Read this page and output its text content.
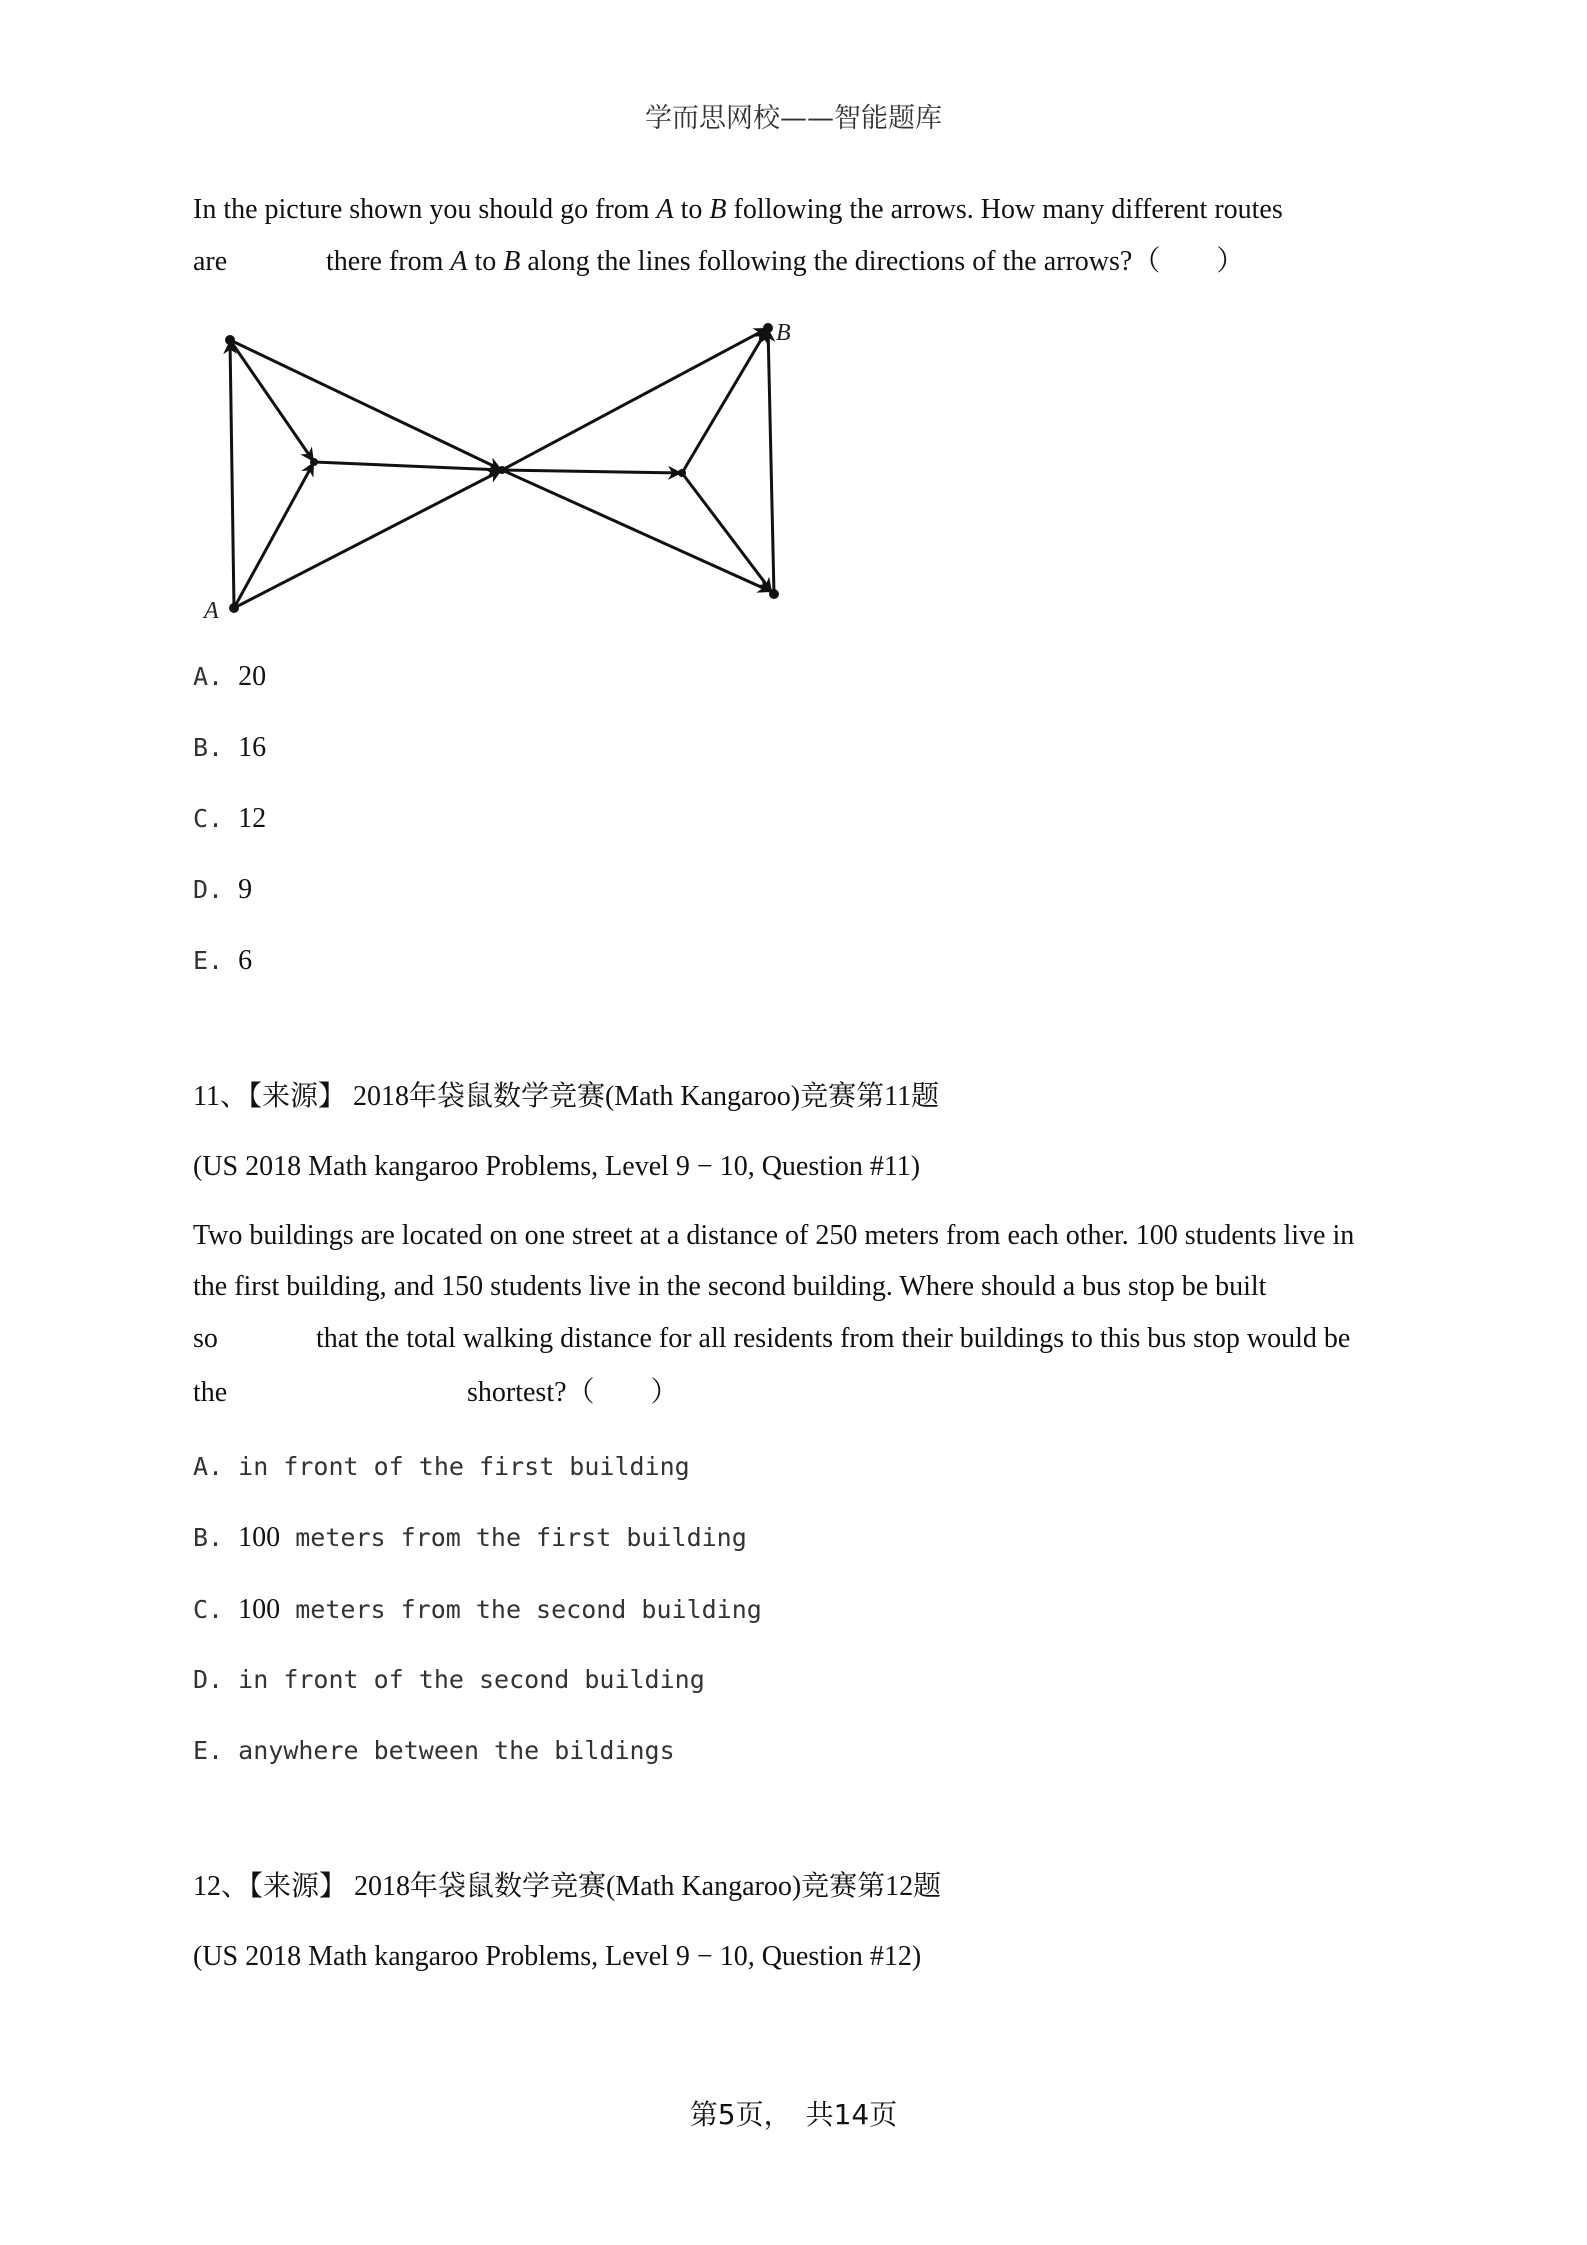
学而思网校——智能题库
In the picture shown you should go from A to B following the arrows. How many different routes
are	there from A to B along the lines following the directions of the arrows?（　　）
A
B
A. 20
B. 16
C. 12
D. 9
E. 6
11、【来源】 2018年袋鼠数学竞赛(Math Kangaroo)竞赛第11题
(US 2018 Math kangaroo Problems, Level 9 − 10, Question #11)
Two buildings are located on one street at a distance of 250 meters from each other. 100 students live in
the first building, and 150 students live in the second building. Where should a bus stop be built
so	that the total walking distance for all residents from their buildings to this bus stop would be
the	shortest?（　　）
A. in front of the first building
B. 100 meters from the first building
C. 100 meters from the second building
D. in front of the second building
E. anywhere between the bildings
12、【来源】 2018年袋鼠数学竞赛(Math Kangaroo)竞赛第12题
(US 2018 Math kangaroo Problems, Level 9 − 10, Question #12)
第5页，　共14页
